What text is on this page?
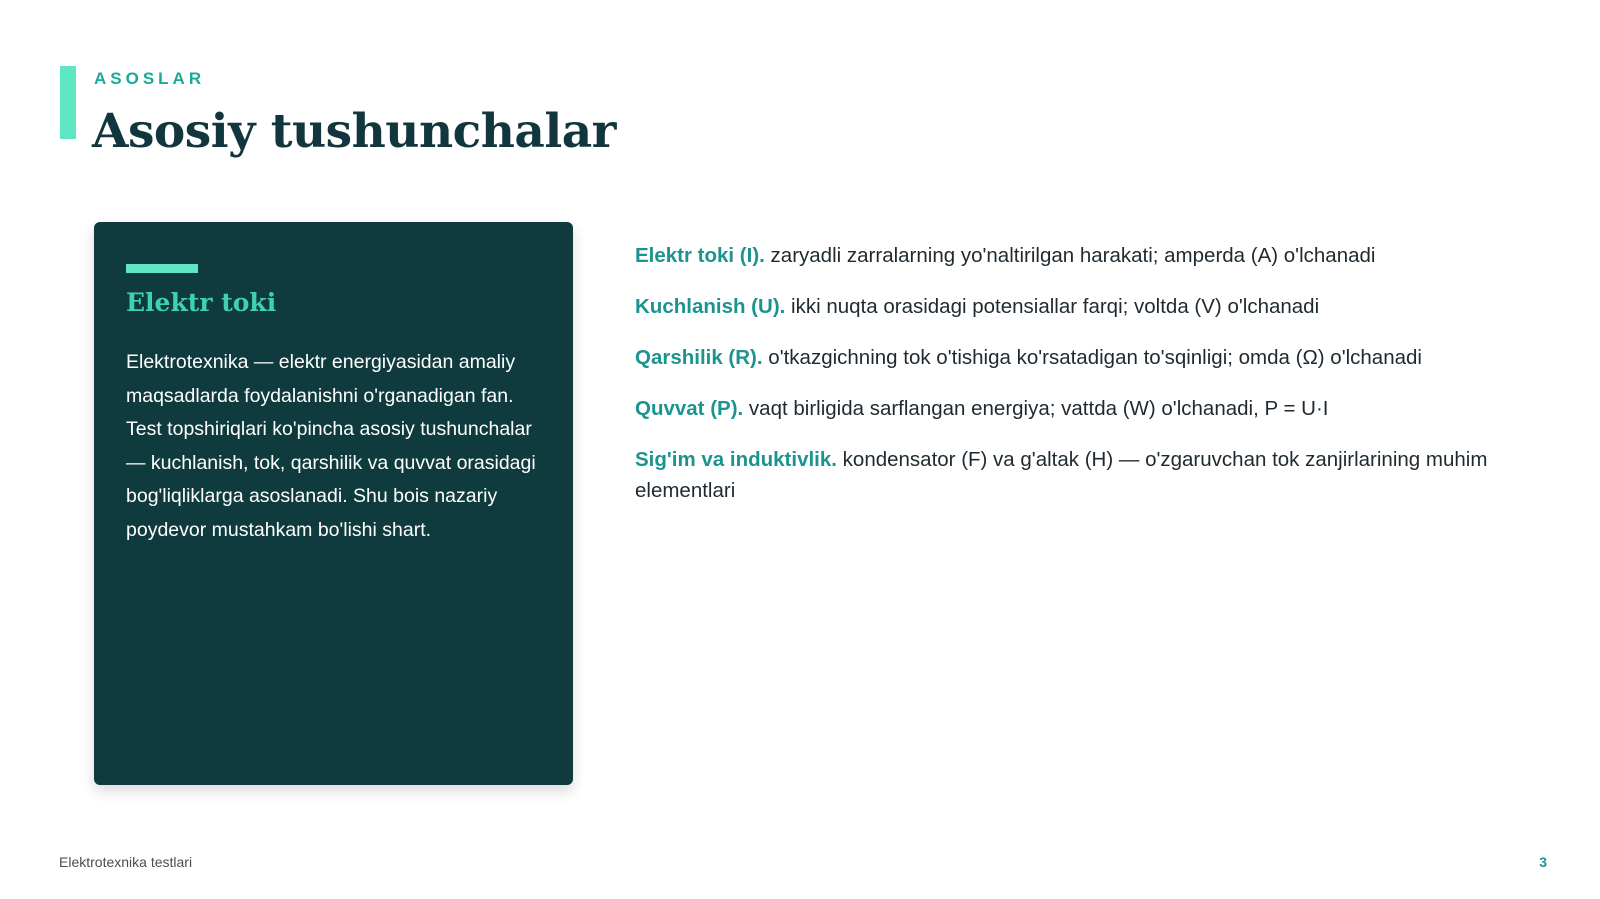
ASOSLAR
Asosiy tushunchalar
Elektr toki

Elektrotexnika — elektr energiyasidan amaliy maqsadlarda foydalanishni o'rganadigan fan. Test topshiriqlari ko'pincha asosiy tushunchalar — kuchlanish, tok, qarshilik va quvvat orasidagi bog'liqliklarga asoslanadi. Shu bois nazariy poydevor mustahkam bo'lishi shart.

Elektr toki (I). zaryadli zarralarning yo'naltirilgan harakati; amperda (A) o'lchanadi

Kuchlanish (U). ikki nuqta orasidagi potensiallar farqi; voltda (V) o'lchanadi

Qarshilik (R). o'tkazgichning tok o'tishiga ko'rsatadigan to'sqinligi; omda (Ω) o'lchanadi

Quvvat (P). vaqt birligida sarflangan energiya; vattda (W) o'lchanadi, P = U·I

Sig'im va induktivlik. kondensator (F) va g'altak (H) — o'zgaruvchan tok zanjirlarining muhim elementlari

Elektrotexnika testlari	3
